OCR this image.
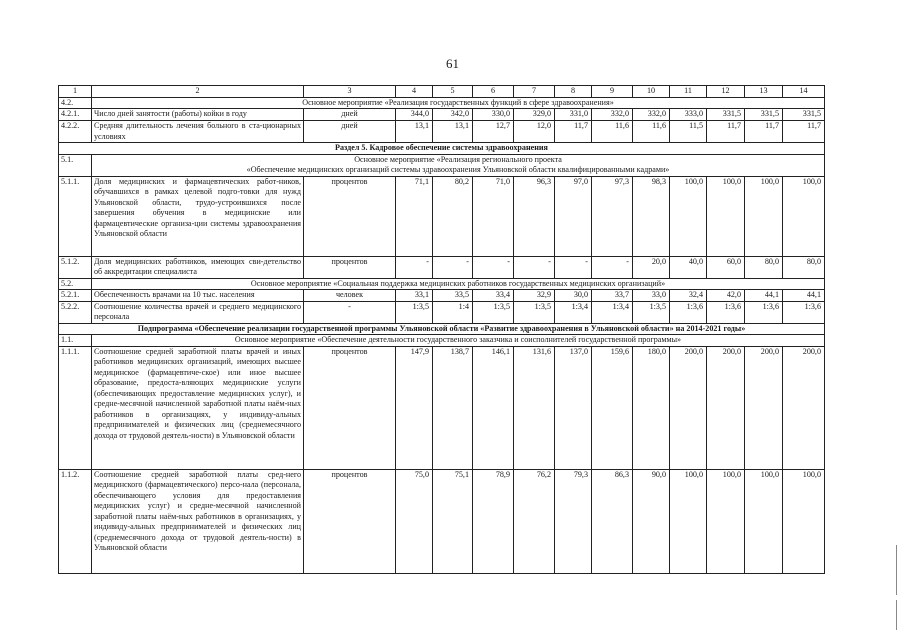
61
1	2	3	4	5	6	7	8	9	10	11	12	13	14
4.2.	Основное мероприятие «Реализация государственных функций в сфере здравоохранения»												
4.2.1.	Число дней занятости (работы) койки в году	дней	344,0	342,0	330,0	329,0	331,0	332,0	332,0	333,0	331,5	331,5	331,5
4.2.2.	Средняя длительность лечения больного в ста-ционарных условиях	дней	13,1	13,1	12,7	12,0	11,7	11,6	11,6	11,5	11,7	11,7	11,7
Раздел 5. Кадровое обеспечение системы здравоохранения													
5.1.	Основное мероприятие «Реализация регионального проекта
«Обеспечение медицинских организаций системы здравоохранения Ульяновской области квалифицированными кадрами»												

5.1.1.	Доля медицинских и фармацевтических работ-ников, обучавшихся в рамках целевой подго-товки для нужд Ульяновской области, трудо-устроившихся после завершения обучения в медицинские или фармацевтические организа-ции системы здравоохранения Ульяновской области	процентов	71,1	80,2	71,0	96,3	97,0	97,3	98,3	100,0	100,0	100,0	100,0
5.1.2.	Доля медицинских работников, имеющих сви-детельство об аккредитации специалиста	процентов	-	-	-	-	-	-	20,0	40,0	60,0	80,0	80,0
5.2.	Основное мероприятие «Социальная поддержка медицинских работников государственных медицинских организаций»												
5.2.1.	Обеспеченность врачами на 10 тыс. населения	человек	33,1	33,5	33,4	32,9	30,0	33,7	33,0	32,4	42,0	44,1	44,1
5.2.2.	Соотношение количества врачей и среднего медицинского персонала	-	1:3,5	1:4	1:3,5	1:3,5	1:3,4	1:3,4	1:3,5	1:3,6	1:3,6	1:3,6	1:3,6
Подпрограмма «Обеспечение реализации государственной программы Ульяновской области «Развитие здравоохранения в Ульяновской области» на 2014-2021 годы»													
1.1.	Основное мероприятие «Обеспечение деятельности государственного заказчика и соисполнителей государственной программы»												
1.1.1.	Соотношение средней заработной платы врачей и иных работников медицинских организаций, имеющих высшее медицинское (фармацевтиче-ское) или иное высшее образование, предоста-вляющих медицинские услуги (обеспечивающих предоставление медицинских услуг), и средне-месячной начисленной заработной платы наём-ных работников в организациях, у индивиду-альных предпринимателей и физических лиц (среднемесячного дохода от трудовой деятель-ности) в Ульяновской области	процентов	147,9	138,7	146,1	131,6	137,0	159,6	180,0	200,0	200,0	200,0	200,0
1.1.2.	Соотношение средней заработной платы сред-него медицинского (фармацевтического) персо-нала (персонала, обеспечивающего условия для предоставления медицинских услуг) и средне-месячной начисленной заработной платы наём-ных работников в организациях, у индивиду-альных предпринимателей и физических лиц (среднемесячного дохода от трудовой деятель-ности) в Ульяновской области	процентов	75,0	75,1	78,9	76,2	79,3	86,3	90,0	100,0	100,0	100,0	100,0
